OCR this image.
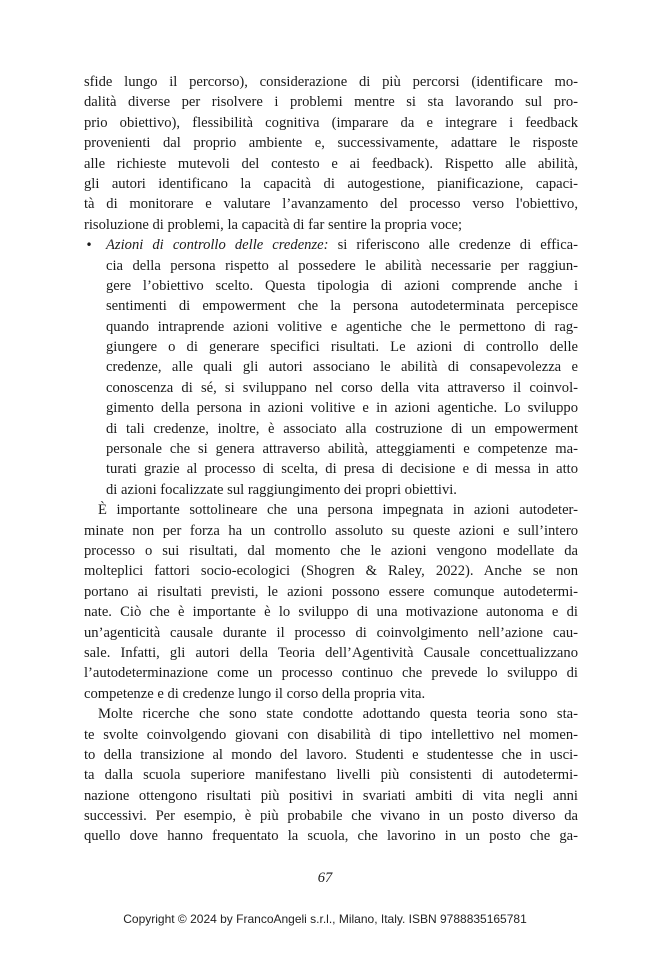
sfide lungo il percorso), considerazione di più percorsi (identificare mo-
dalità diverse per risolvere i problemi mentre si sta lavorando sul pro-
prio obiettivo), flessibilità cognitiva (imparare da e integrare i feedback
provenienti dal proprio ambiente e, successivamente, adattare le risposte
alle richieste mutevoli del contesto e ai feedback). Rispetto alle abilità,
gli autori identificano la capacità di autogestione, pianificazione, capaci-
tà di monitorare e valutare l’avanzamento del processo verso l'obiettivo,
risoluzione di problemi, la capacità di far sentire la propria voce;
• Azioni di controllo delle credenze: si riferiscono alle credenze di effica-
cia della persona rispetto al possedere le abilità necessarie per raggiun-
gere l’obiettivo scelto. Questa tipologia di azioni comprende anche i
sentimenti di empowerment che la persona autodeterminata percepisce
quando intraprende azioni volitive e agentiche che le permettono di rag-
giungere o di generare specifici risultati. Le azioni di controllo delle
credenze, alle quali gli autori associano le abilità di consapevolezza e
conoscenza di sé, si sviluppano nel corso della vita attraverso il coinvol-
gimento della persona in azioni volitive e in azioni agentiche. Lo sviluppo
di tali credenze, inoltre, è associato alla costruzione di un empowerment
personale che si genera attraverso abilità, atteggiamenti e competenze ma-
turati grazie al processo di scelta, di presa di decisione e di messa in atto
di azioni focalizzate sul raggiungimento dei propri obiettivi.
È importante sottolineare che una persona impegnata in azioni autodeter-
minate non per forza ha un controllo assoluto su queste azioni e sull’intero
processo o sui risultati, dal momento che le azioni vengono modellate da
molteplici fattori socio-ecologici (Shogren & Raley, 2022). Anche se non
portano ai risultati previsti, le azioni possono essere comunque autodetermi-
nate. Ciò che è importante è lo sviluppo di una motivazione autonoma e di
un’agenticità causale durante il processo di coinvolgimento nell’azione cau-
sale. Infatti, gli autori della Teoria dell’Agentività Causale concettualizzano
l’autodeterminazione come un processo continuo che prevede lo sviluppo di
competenze e di credenze lungo il corso della propria vita.
Molte ricerche che sono state condotte adottando questa teoria sono sta-
te svolte coinvolgendo giovani con disabilità di tipo intellettivo nel momen-
to della transizione al mondo del lavoro. Studenti e studentesse che in usci-
ta dalla scuola superiore manifestano livelli più consistenti di autodetermi-
nazione ottengono risultati più positivi in svariati ambiti di vita negli anni
successivi. Per esempio, è più probabile che vivano in un posto diverso da
quello dove hanno frequentato la scuola, che lavorino in un posto che ga-
67
Copyright © 2024 by FrancoAngeli s.r.l., Milano, Italy. ISBN 9788835165781
